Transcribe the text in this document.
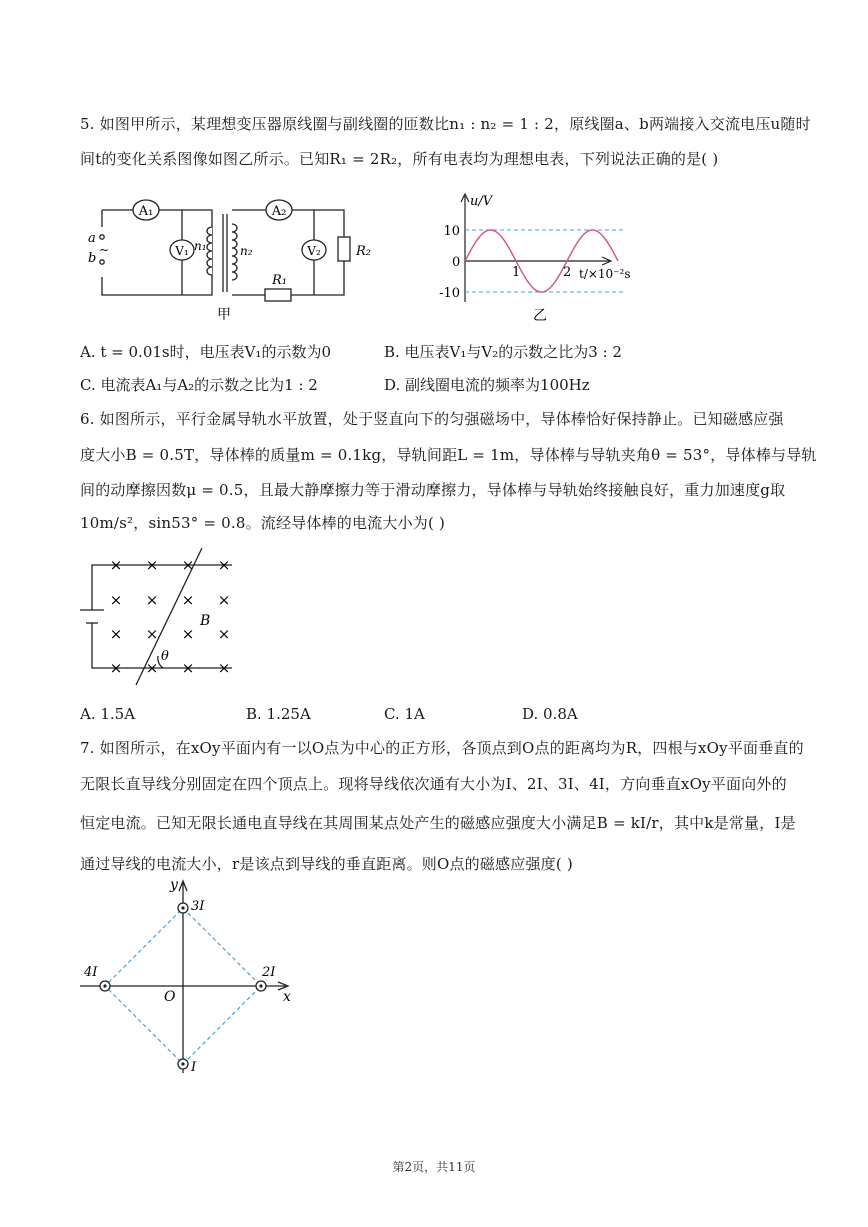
5. 如图甲所示，某理想变压器原线圈与副线圈的匝数比n₁ : n₂ = 1 : 2，原线圈a、b两端接入交流电压u随时
间t的变化关系图像如图乙所示。已知R₁ = 2R₂，所有电表均为理想电表，下列说法正确的是( )
A₁	A₂
V₁	V₂
n₁	n₂
R₁
R₂
a
b
~
甲
10
-10
1	2
u/V
t/×10⁻²s
0
乙
A. t = 0.01s时，电压表V₁的示数为0	B. 电压表V₁与V₂的示数之比为3 : 2
C. 电流表A₁与A₂的示数之比为1 : 2	D. 副线圈电流的频率为100Hz
6. 如图所示，平行金属导轨水平放置，处于竖直向下的匀强磁场中，导体棒恰好保持静止。已知磁感应强
度大小B = 0.5T，导体棒的质量m = 0.1kg，导轨间距L = 1m，导体棒与导轨夹角θ = 53°，导体棒与导轨
间的动摩擦因数μ = 0.5，且最大静摩擦力等于滑动摩擦力，导体棒与导轨始终接触良好，重力加速度g取
10m/s²，sin53° = 0.8。流经导体棒的电流大小为( )
× × × ×
× × × ×
× × × ×
× × × ×
B
θ
A. 1.5A	B. 1.25A	C. 1A	D. 0.8A
7. 如图所示，在xOy平面内有一以O点为中心的正方形，各顶点到O点的距离均为R，四根与xOy平面垂直的
无限长直导线分别固定在四个顶点上。现将导线依次通有大小为I、2I、3I、4I，方向垂直xOy平面向外的
恒定电流。已知无限长通电直导线在其周围某点处产生的磁感应强度大小满足B = kI/r，其中k是常量，I是
通过导线的电流大小，r是该点到导线的垂直距离。则O点的磁感应强度( )
y
x
O
3I
2I
4I
I
第2页，共11页
